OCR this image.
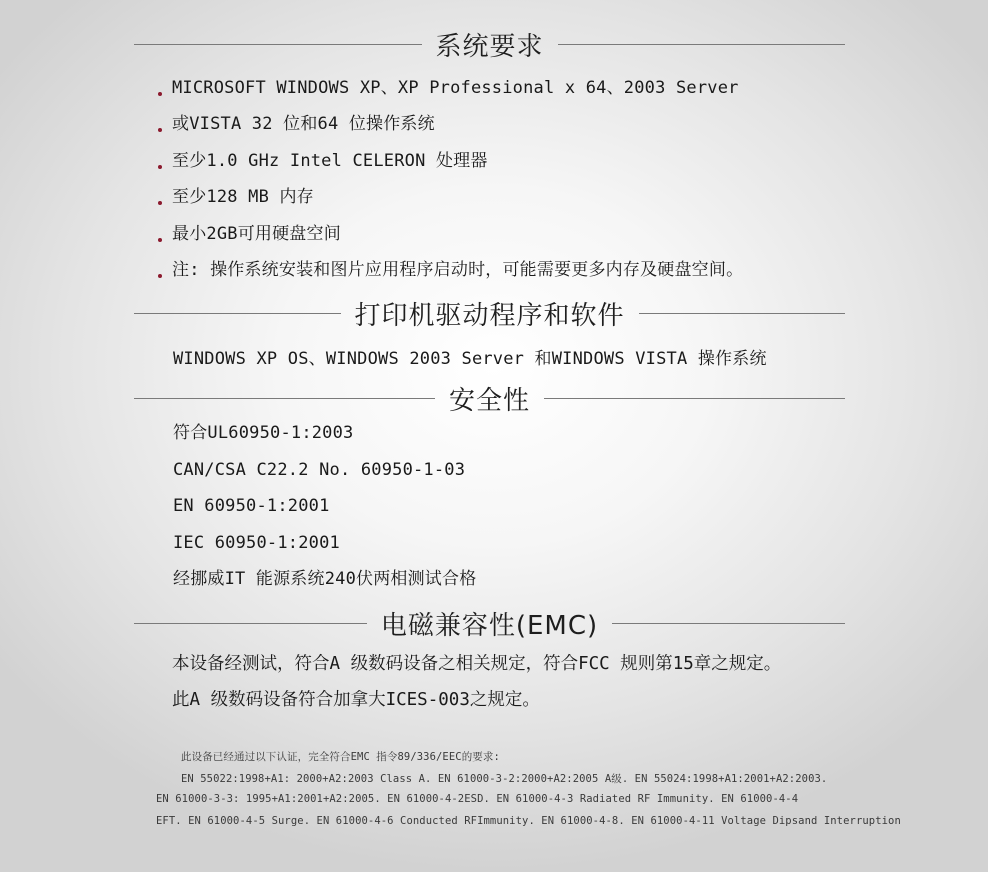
系统要求
MICROSOFT WINDOWS XP、XP Professional x 64、2003 Server
或VISTA 32 位和64 位操作系统
至少1.0 GHz Intel CELERON 处理器
至少128 MB 内存
最小2GB可用硬盘空间
注: 操作系统安装和图片应用程序启动时，可能需要更多内存及硬盘空间。
打印机驱动程序和软件
WINDOWS XP OS、WINDOWS 2003 Server 和WINDOWS VISTA 操作系统
安全性
符合UL60950-1:2003
CAN/CSA C22.2 No. 60950-1-03
EN 60950-1:2001
IEC 60950-1:2001
经挪威IT 能源系统240伏两相测试合格
电磁兼容性(EMC)
本设备经测试，符合A 级数码设备之相关规定，符合FCC 规则第15章之规定。
此A 级数码设备符合加拿大ICES-003之规定。
此设备已经通过以下认证，完全符合EMC 指令89/336/EEC的要求:
EN 55022:1998+A1: 2000+A2:2003 Class A. EN 61000-3-2:2000+A2:2005 A级. EN 55024:1998+A1:2001+A2:2003.
EN 61000-3-3: 1995+A1:2001+A2:2005. EN 61000-4-2ESD. EN 61000-4-3 Radiated RF Immunity. EN 61000-4-4
EFT. EN 61000-4-5 Surge. EN 61000-4-6 Conducted RFImmunity. EN 61000-4-8. EN 61000-4-11 Voltage Dipsand Interruption
